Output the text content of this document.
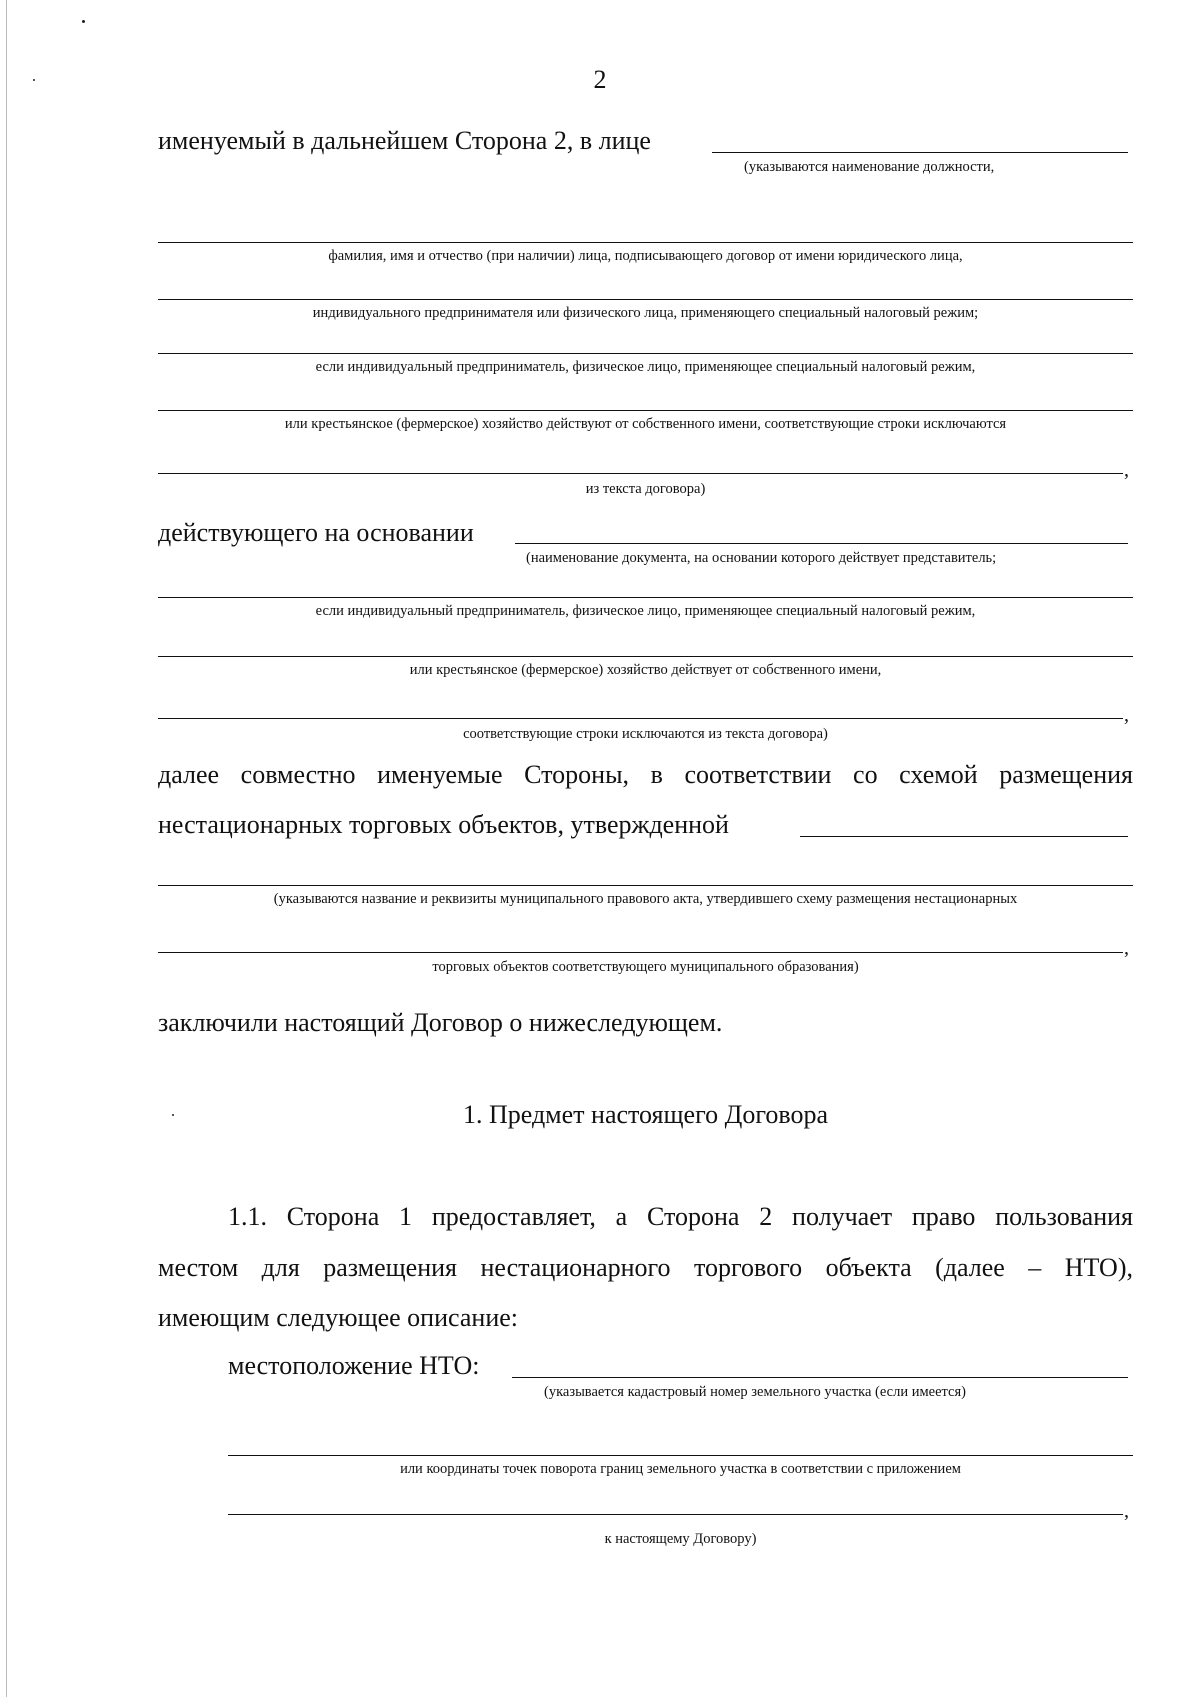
2
именуемый в дальнейшем Сторона 2, в лице
(указываются наименование должности,
фамилия, имя и отчество (при наличии) лица, подписывающего договор от имени юридического лица,
индивидуального предпринимателя или физического лица, применяющего специальный налоговый режим;
если индивидуальный предприниматель, физическое лицо, применяющее специальный налоговый режим,
или крестьянское (фермерское) хозяйство действуют от собственного имени, соответствующие строки исключаются
,
из текста договора)
действующего на основании
(наименование документа, на основании которого действует представитель;
если индивидуальный предприниматель, физическое лицо, применяющее специальный налоговый режим,
или крестьянское (фермерское) хозяйство действует от собственного имени,
,
соответствующие строки исключаются из текста договора)
далее совместно именуемые Стороны, в соответствии со схемой размещения
нестационарных торговых объектов, утвержденной
(указываются название и реквизиты муниципального правового акта, утвердившего схему размещения нестационарных
,
торговых объектов соответствующего муниципального образования)
заключили настоящий Договор о нижеследующем.
1. Предмет настоящего Договора
1.1. Сторона 1 предоставляет, а Сторона 2 получает право пользования
местом для размещения нестационарного торгового объекта (далее – НТО),
имеющим следующее описание:
местоположение НТО:
(указывается кадастровый номер земельного участка (если имеется)
или координаты точек поворота границ земельного участка в соответствии с приложением
,
к настоящему Договору)
